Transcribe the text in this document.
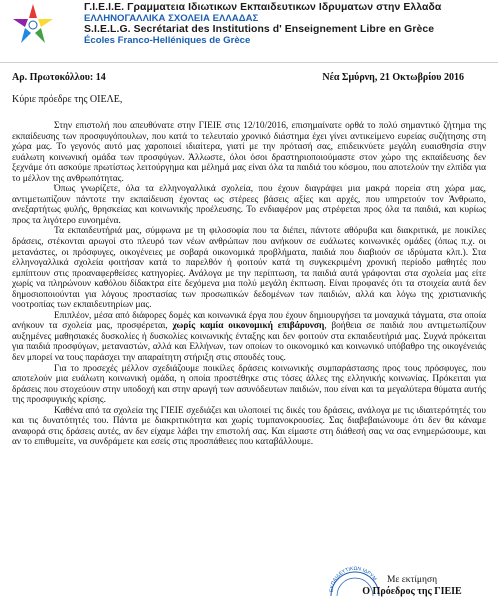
Γ.Ι.Ε.Ι.Ε. Γραμματεια Ιδιωτικων Εκπαιδευτικων Ιδρυματων στην Ελλαδα
ΕΛΛΗΝΟΓΑΛΛΙΚΑ ΣΧΟΛΕΙΑ ΕΛΛΑΔΑΣ
S.I.E.L.G. Secrétariat des Institutions d' Enseignement Libre en Grèce
Écoles Franco-Helléniques de Grèce
Αρ. Πρωτοκόλλου: 14	Νέα Σμύρνη, 21 Οκτωβρίου 2016
Κύριε πρόεδρε της ΟΙΕΛΕ,

Στην επιστολή που απευθύνατε στην ΓΙΕΙΕ στις 12/10/2016, επισημαίνατε ορθά το πολύ σημαντικό ζήτημα της εκπαίδευσης των προσφυγόπουλων, που κατά το τελευταίο χρονικό διάστημα έχει γίνει αντικείμενο ευρείας συζήτησης στη χώρα μας. Το γεγονός αυτό μας χαροποιεί ιδιαίτερα, γιατί με την πρότασή σας, επιδεικνύετε μεγάλη ευαισθησία στην ευάλωτη κοινωνική ομάδα των προσφύγων. Άλλωστε, όλοι όσοι δραστηριοποιούμαστε στον χώρο της εκπαίδευσης δεν ξεχνάμε ότι ασκούμε πρωτίστως λειτούργημα και μέλημά μας είναι όλα τα παιδιά του κόσμου, που αποτελούν την ελπίδα για το μέλλον της ανθρωπότητας.

Όπως γνωρίζετε, όλα τα ελληνογαλλικά σχολεία, που έχουν διαγράψει μια μακρά πορεία στη χώρα μας, αντιμετωπίζουν πάντοτε την εκπαίδευση έχοντας ως στέρεες βάσεις αξίες και αρχές, που υπηρετούν τον Άνθρωπο, ανεξαρτήτως φυλής, θρησκείας και κοινωνικής προέλευσης. Το ενδιαφέρον μας στρέφεται προς όλα τα παιδιά, και κυρίως προς τα λιγότερο ευνοημένα.

Τα εκπαιδευτήριά μας, σύμφωνα με τη φιλοσοφία που τα διέπει, πάντοτε αθόρυβα και διακριτικά, με ποικίλες δράσεις, στέκονται αρωγοί στο πλευρό των νέων ανθρώπων που ανήκουν σε ευάλωτες κοινωνικές ομάδες (όπως π.χ. οι μετανάστες, οι πρόσφυγες, οικογένειες με σοβαρά οικονομικά προβλήματα, παιδιά που διαβιούν σε ιδρύματα κλπ.). Στα ελληνογαλλικά σχολεία φοιτήσαν κατά το παρελθόν ή φοιτούν κατά τη συγκεκριμένη χρονική περίοδο μαθητές που εμπίπτουν στις προαναφερθείσες κατηγορίες. Ανάλογα με την περίπτωση, τα παιδιά αυτά γράφονται στα σχολεία μας είτε χωρίς να πληρώνουν καθόλου δίδακτρα είτε δεχόμενα μια πολύ μεγάλη έκπτωση. Είναι προφανές ότι τα στοιχεία αυτά δεν δημοσιοποιούνται για λόγους προστασίας των προσωπικών δεδομένων των παιδιών, αλλά και λόγω της χριστιανικής νοοτροπίας των εκπαιδευτηρίων μας.

Επιπλέον, μέσα από διάφορες δομές και κοινωνικά έργα που έχουν δημιουργήσει τα μοναχικά τάγματα, στα οποία ανήκουν τα σχολεία μας, προσφέρεται, χωρίς καμία οικονομική επιβάρυνση, βοήθεια σε παιδιά που αντιμετωπίζουν αυξημένες μαθησιακές δυσκολίες ή δυσκολίες κοινωνικής ένταξης και δεν φοιτούν στα εκπαιδευτήριά μας. Συχνά πρόκειται για παιδιά προσφύγων, μεταναστών, αλλά και Ελλήνων, των οποίων το οικονομικό και κοινωνικό υπόβαθρο της οικογένειάς δεν μπορεί να τους παράσχει την απαραίτητη στήριξη στις σπουδές τους.

Για το προσεχές μέλλον σχεδιάζουμε ποικίλες δράσεις κοινωνικής συμπαράστασης προς τους πρόσφυγες, που αποτελούν μια ευάλωτη κοινωνική ομάδα, η οποία προστέθηκε στις τόσες άλλες της ελληνικής κοινωνίας. Πρόκειται για δράσεις που στοχεύουν στην υποδοχή και στην αρωγή των ασυνόδευτων παιδιών, που είναι και τα μεγαλύτερα θύματα αυτής της προσφυγικής κρίσης.

Καθένα από τα σχολεία της ΓΙΕΙΕ σχεδιάζει και υλοποιεί τις δικές του δράσεις, ανάλογα με τις ιδιαιτερότητές του και τις δυνατότητές του. Πάντα με διακριτικότητα και χωρίς τυμπανοκρουσίες. Σας διαβεβαιώνουμε ότι δεν θα κάναμε αναφορά στις δράσεις αυτές, αν δεν είχαμε λάβει την επιστολή σας. Και είμαστε στη διάθεσή σας να σας ενημερώσουμε, και αν το επιθυμείτε, να συνδράμετε και εσείς στις προσπάθειες που καταβάλλουμε.

ΕΚΠΑΙΔΕΥΤΙΚΩΝ ΙΔΡΥΜ	Με εκτίμηση
Ο Πρόεδρος της ΓΙΕΙΕ
